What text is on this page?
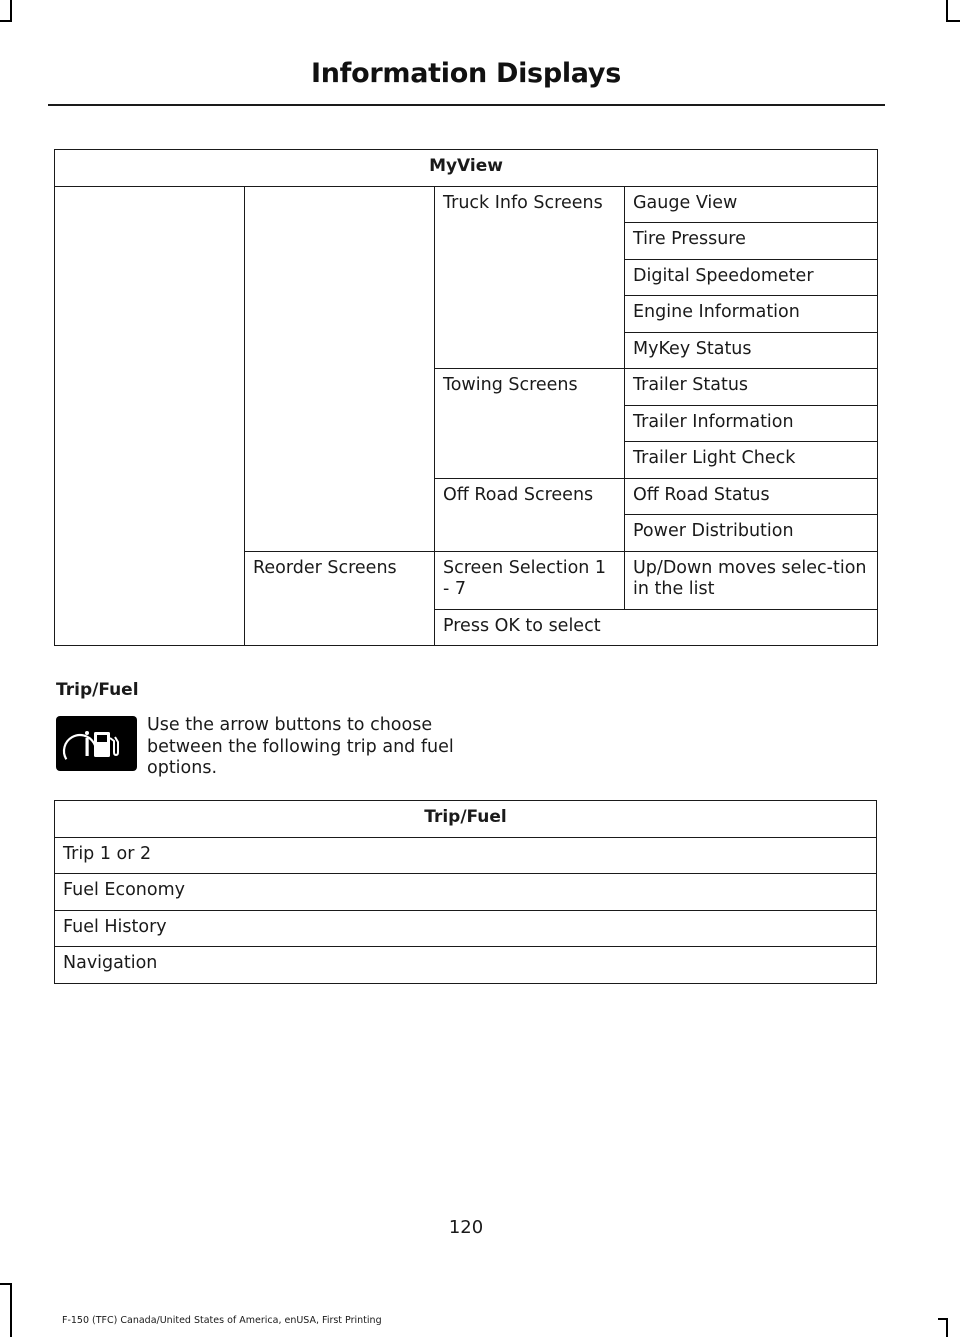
Information Displays
MyView			
		Truck Info Screens	Gauge View
			Tire Pressure
			Digital Speedometer
			Engine Information
			MyKey Status
		Towing Screens	Trailer Status
			Trailer Information
			Trailer Light Check
		Off Road Screens	Off Road Status
			Power Distribution
	Reorder Screens	Screen Selection 1 - 7	Up/Down moves selec-tion in the list
		Press OK to select	
Trip/Fuel
Use the arrow buttons to choose between the following trip and fuel options.
Trip/Fuel
Trip 1 or 2
Fuel Economy
Fuel History
Navigation
120
F-150 (TFC) Canada/United States of America, enUSA, First Printing
